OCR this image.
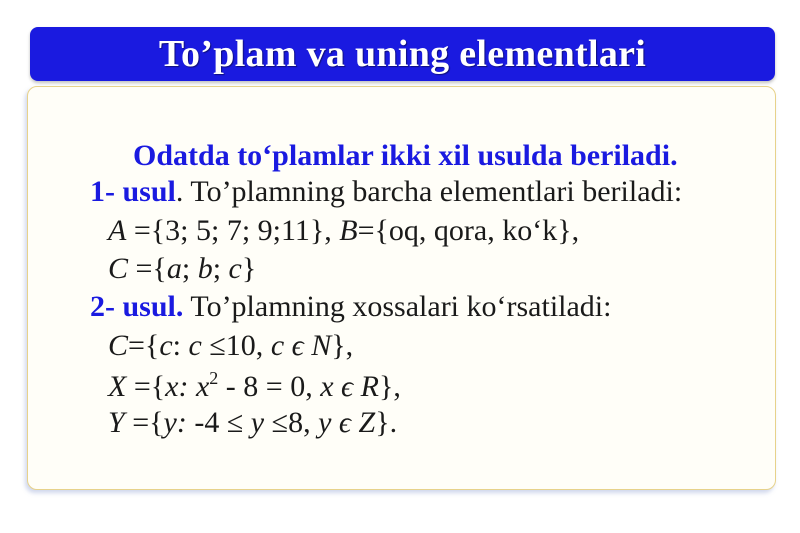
To’plam va uning elementlari
Odatda to‘plamlar ikki xil usulda beriladi.
1- usul. To’plamning barcha elementlari beriladi:
A ={3; 5; 7; 9;11}, B={oq, qora, ko‘k},
C ={a; b; c}
2- usul. To’plamning xossalari ko‘rsatiladi:
C={c: c ≤10, c ϵ N},
X ={x: $x^2 - 8 = 0$, x ϵ R},
Y ={y: -4 ≤ y ≤8, y ϵ Z}.
